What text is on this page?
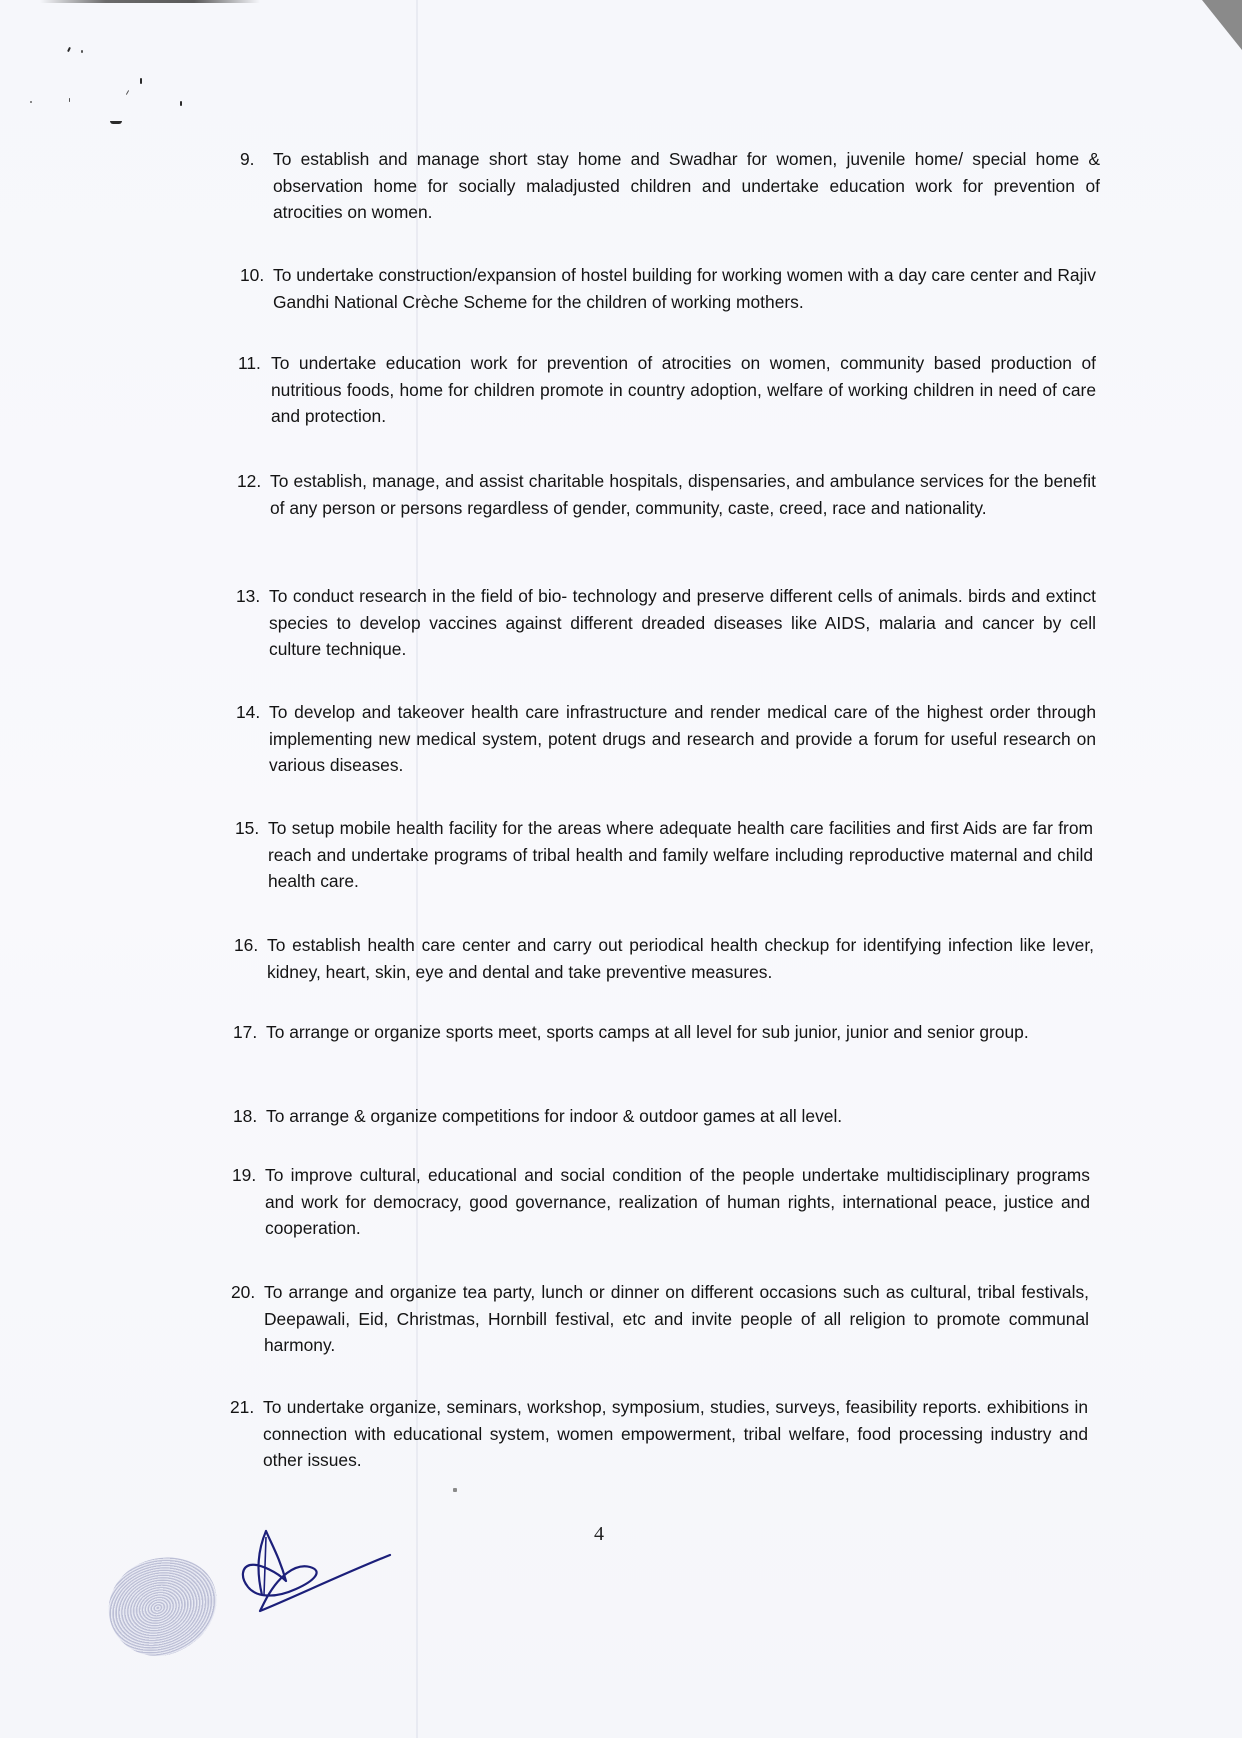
9.	To establish and manage short stay home and Swadhar for women, juvenile home/ special home & observation home for socially maladjusted children and undertake education work for prevention of atrocities on women.
10. To undertake construction/expansion of hostel building for working women with a day care center and Rajiv Gandhi National Crèche Scheme for the children of working mothers.
11. To undertake education work for prevention of atrocities on women, community based production of nutritious foods, home for children promote in country adoption, welfare of working children in need of care and protection.
12. To establish, manage, and assist charitable hospitals, dispensaries, and ambulance services for the benefit of any person or persons regardless of gender, community, caste, creed, race and nationality.
13. To conduct research in the field of bio- technology and preserve different cells of animals. birds and extinct species to develop vaccines against different dreaded diseases like AIDS, malaria and cancer by cell culture technique.
14. To develop and takeover health care infrastructure and render medical care of the highest order through implementing new medical system, potent drugs and research and provide a forum for useful research on various diseases.
15. To setup mobile health facility for the areas where adequate health care facilities and first Aids are far from reach and undertake programs of tribal health and family welfare including reproductive maternal and child health care.
16. To establish health care center and carry out periodical health checkup for identifying infection like lever, kidney, heart, skin, eye and dental and take preventive measures.
17. To arrange or organize sports meet, sports camps at all level for sub junior, junior and senior group.
18. To arrange & organize competitions for indoor & outdoor games at all level.
19. To improve cultural, educational and social condition of the people undertake multidisciplinary programs and work for democracy, good governance, realization of human rights, international peace, justice and cooperation.
20. To arrange and organize tea party, lunch or dinner on different occasions such as cultural, tribal festivals, Deepawali, Eid, Christmas, Hornbill festival, etc and invite people of all religion to promote communal harmony.
21. To undertake organize, seminars, workshop, symposium, studies, surveys, feasibility reports. exhibitions in connection with educational system, women empowerment, tribal welfare, food processing industry and other issues.
4
